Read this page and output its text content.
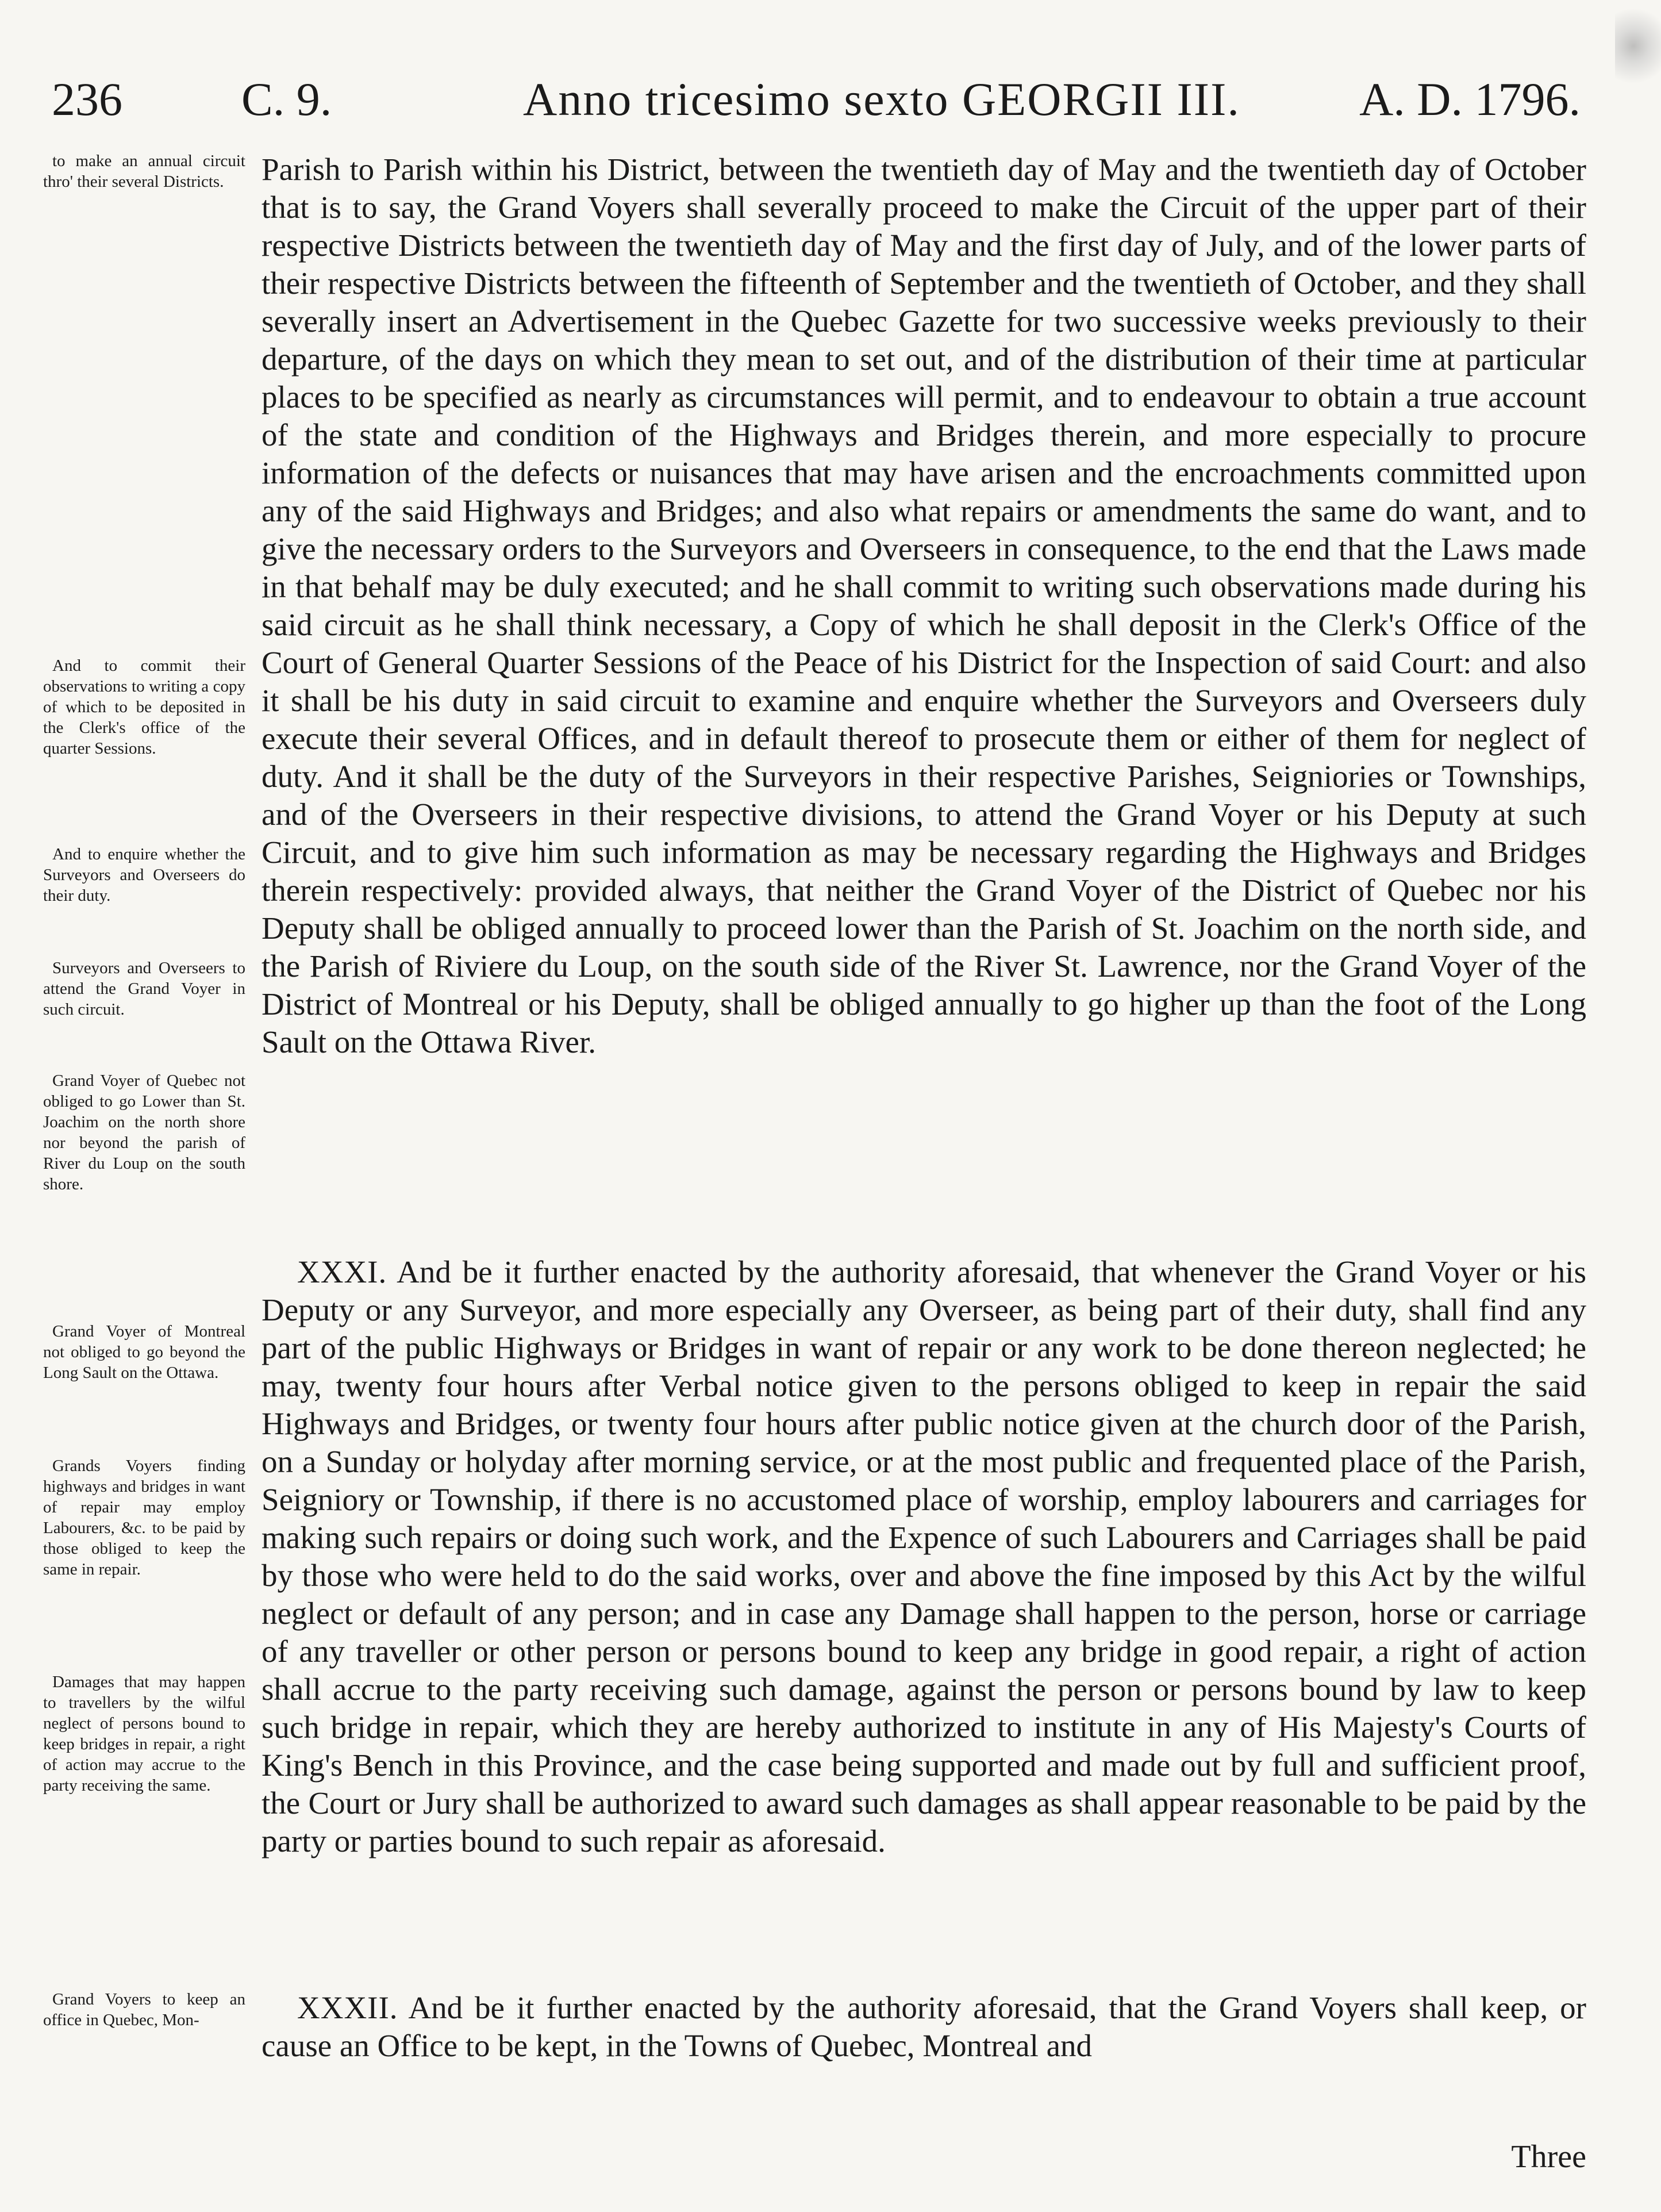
236	C. 9.	Anno tricesimo sexto GEORGII III.	A. D. 1796.

to make an annual circuit thro' their several Districts.

And to commit their observations to writing a copy of which to be deposited in the Clerk's office of the quarter Sessions.

And to enquire whether the Surveyors and Overseers do their duty.

Surveyors and Overseers to attend the Grand Voyer in such circuit.

Grand Voyer of Quebec not obliged to go Lower than St. Joachim on the north shore nor beyond the parish of River du Loup on the south shore.

Grand Voyer of Montreal not obliged to go beyond the Long Sault on the Ottawa.

Grands Voyers finding highways and bridges in want of repair may employ Labourers, &c. to be paid by those obliged to keep the same in repair.

Damages that may happen to travellers by the wilful neglect of persons bound to keep bridges in repair, a right of action may accrue to the party receiving the same.

Grand Voyers to keep an office in Quebec, Mon-

Parish to Parish within his District, between the twentieth day of May and the twentieth day of October that is to say, the Grand Voyers shall severally proceed to make the Circuit of the upper part of their respective Districts between the twentieth day of May and the first day of July, and of the lower parts of their respective Districts between the fifteenth of September and the twentieth of October, and they shall severally insert an Advertisement in the Quebec Gazette for two successive weeks previously to their departure, of the days on which they mean to set out, and of the distribution of their time at particular places to be specified as nearly as circumstances will permit, and to endeavour to obtain a true account of the state and condition of the Highways and Bridges therein, and more especially to procure information of the defects or nuisances that may have arisen and the encroachments committed upon any of the said Highways and Bridges; and also what repairs or amendments the same do want, and to give the necessary orders to the Surveyors and Overseers in consequence, to the end that the Laws made in that behalf may be duly executed; and he shall commit to writing such observations made during his said circuit as he shall think necessary, a Copy of which he shall deposit in the Clerk's Office of the Court of General Quarter Sessions of the Peace of his District for the Inspection of said Court: and also it shall be his duty in said circuit to examine and enquire whether the Surveyors and Overseers duly execute their several Offices, and in default thereof to prosecute them or either of them for neglect of duty. And it shall be the duty of the Surveyors in their respective Parishes, Seigniories or Townships, and of the Overseers in their respective divisions, to attend the Grand Voyer or his Deputy at such Circuit, and to give him such information as may be necessary regarding the Highways and Bridges therein respectively: provided always, that neither the Grand Voyer of the District of Quebec nor his Deputy shall be obliged annually to proceed lower than the Parish of St. Joachim on the north side, and the Parish of Riviere du Loup, on the south side of the River St. Lawrence, nor the Grand Voyer of the District of Montreal or his Deputy, shall be obliged annually to go higher up than the foot of the Long Sault on the Ottawa River.

XXXI. And be it further enacted by the authority aforesaid, that whenever the Grand Voyer or his Deputy or any Surveyor, and more especially any Overseer, as being part of their duty, shall find any part of the public Highways or Bridges in want of repair or any work to be done thereon neglected; he may, twenty four hours after Verbal notice given to the persons obliged to keep in repair the said Highways and Bridges, or twenty four hours after public notice given at the church door of the Parish, on a Sunday or holyday after morning service, or at the most public and frequented place of the Parish, Seigniory or Township, if there is no accustomed place of worship, employ labourers and carriages for making such repairs or doing such work, and the Expence of such Labourers and Carriages shall be paid by those who were held to do the said works, over and above the fine imposed by this Act by the wilful neglect or default of any person; and in case any Damage shall happen to the person, horse or carriage of any traveller or other person or persons bound to keep any bridge in good repair, a right of action shall accrue to the party receiving such damage, against the person or persons bound by law to keep such bridge in repair, which they are hereby authorized to institute in any of His Majesty's Courts of King's Bench in this Province, and the case being supported and made out by full and sufficient proof, the Court or Jury shall be authorized to award such damages as shall appear reasonable to be paid by the party or parties bound to such repair as aforesaid.

XXXII. And be it further enacted by the authority aforesaid, that the Grand Voyers shall keep, or cause an Office to be kept, in the Towns of Quebec, Montreal and

Three
